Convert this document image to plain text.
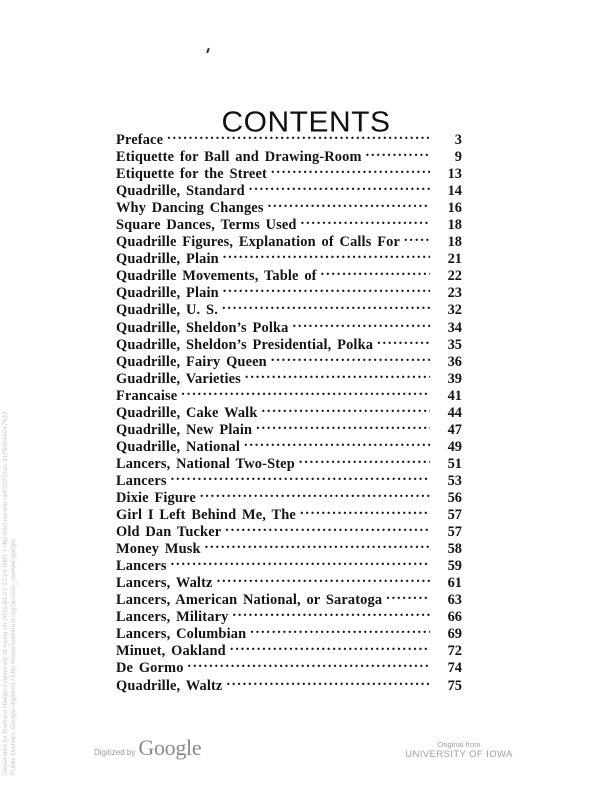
CONTENTS
Preface . . .	3
Etiquette for Ball and Drawing-Room . . .	9
Etiquette for the Street . . .	13
Quadrille, Standard . . .	14
Why Dancing Changes . . .	16
Square Dances, Terms Used . . .	18
Quadrille Figures, Explanation of Calls For . . .	18
Quadrille, Plain . . .	21
Quadrille Movements, Table of . . .	22
Quadrille, Plain . . .	23
Quadrille, U. S. . . .	32
Quadrille, Sheldon’s Polka . . .	34
Quadrille, Sheldon’s Presidential, Polka . . .	35
Quadrille, Fairy Queen . . .	36
Guadrille, Varieties . . .	39
Francaise . . .	41
Quadrille, Cake Walk . . .	44
Quadrille, New Plain . . .	47
Quadrille, National . . .	49
Lancers, National Two-Step . . .	51
Lancers . . .	53
Dixie Figure . . .	56
Girl I Left Behind Me, The . . .	57
Old Dan Tucker . . .	57
Money Musk . . .	58
Lancers . . .	59
Lancers, Waltz . . .	61
Lancers, American National, or Saratoga . . .	63
Lancers, Military . . .	66
Lancers, Columbian . . .	69
Minuet, Oakland . . .	72
De Gormo . . .	74
Quadrille, Waltz . . .	75
Generated for Barbara Hodge (University of Iowa) on 2016-01-21 22:24 GMT / http://hdl.handle.net/2027/iau.31858044247633 Public Domain, Google-digitized / http://www.hathitrust.org/access_use#pd-google	Digitized by Google	Original from
UNIVERSITY OF IOWA
